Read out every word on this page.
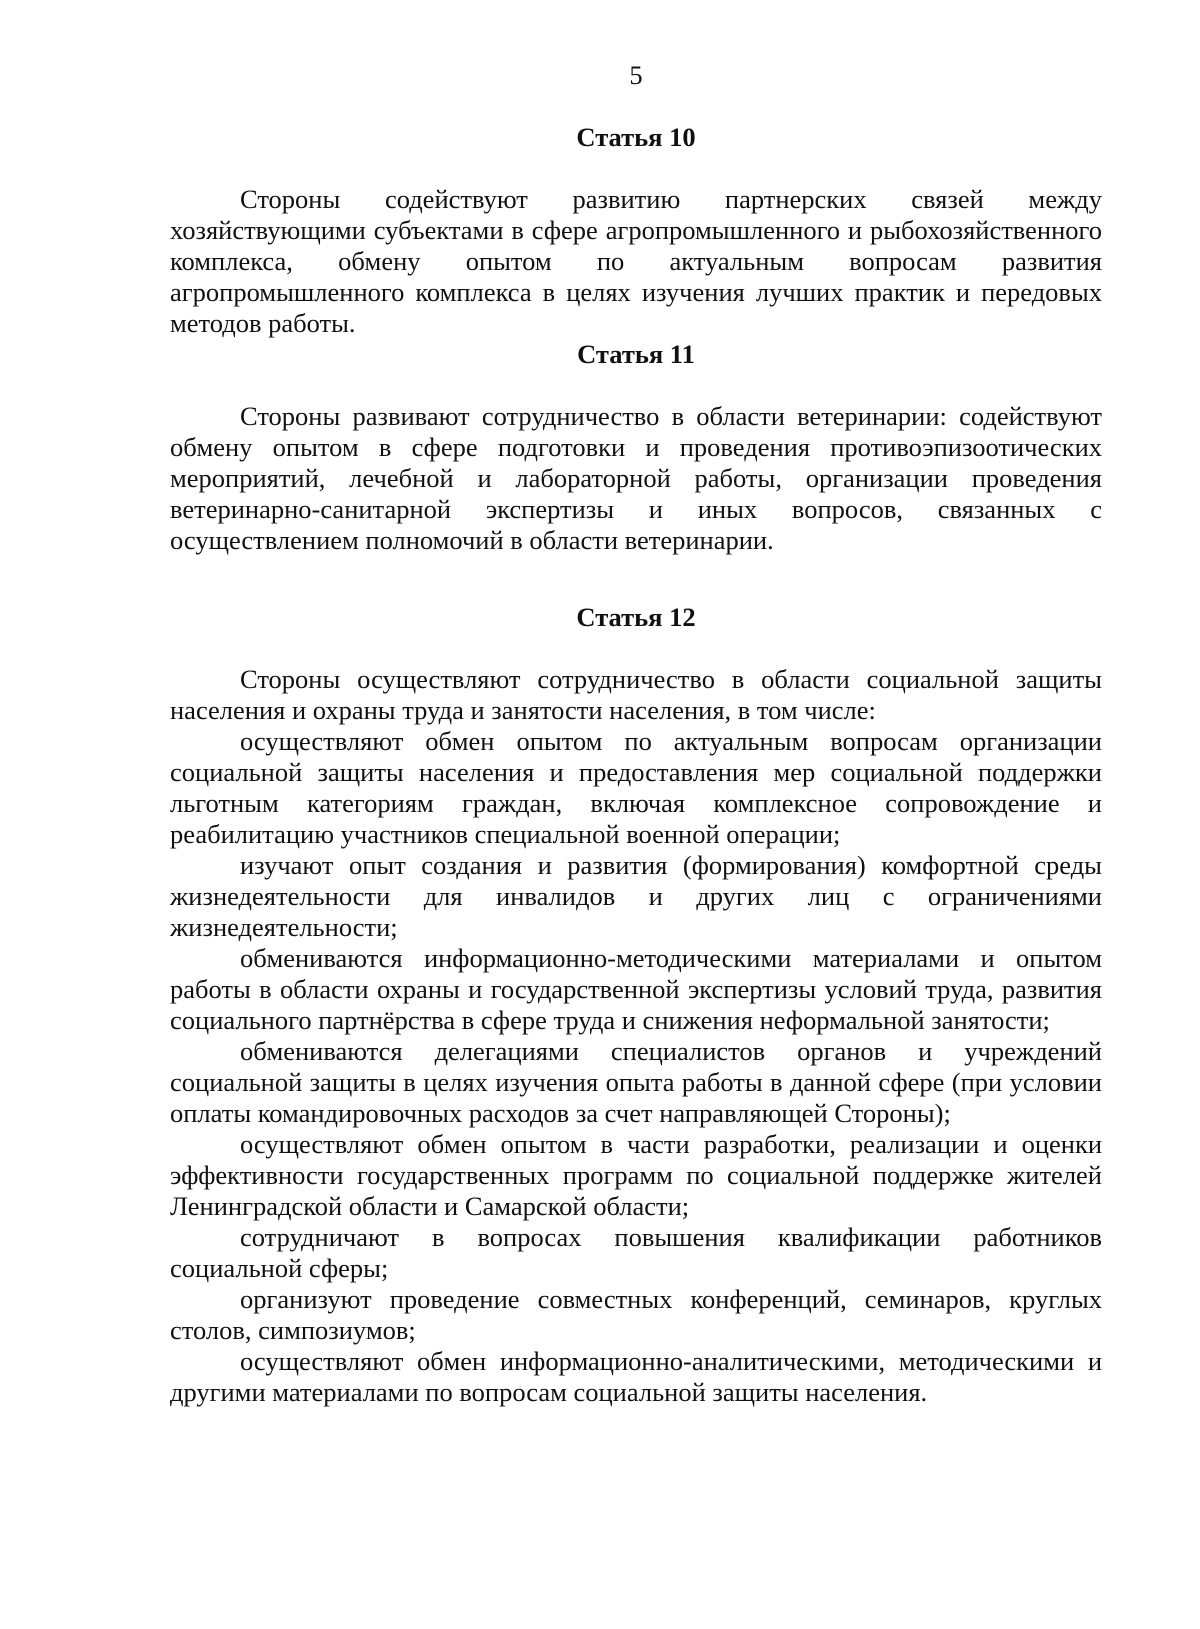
5
Статья 10

Стороны содействуют развитию партнерских связей между хозяйствующими субъектами в сфере агропромышленного и рыбохозяйственного комплекса, обмену опытом по актуальным вопросам развития агропромышленного комплекса в целях изучения лучших практик и передовых методов работы.

Статья 11

Стороны развивают сотрудничество в области ветеринарии: содействуют обмену опытом в сфере подготовки и проведения противоэпизоотических мероприятий, лечебной и лабораторной работы, организации проведения ветеринарно-санитарной экспертизы и иных вопросов, связанных с осуществлением полномочий в области ветеринарии.

Статья 12

Стороны осуществляют сотрудничество в области социальной защиты населения и охраны труда и занятости населения, в том числе:

осуществляют обмен опытом по актуальным вопросам организации социальной защиты населения и предоставления мер социальной поддержки льготным категориям граждан, включая комплексное сопровождение и реабилитацию участников специальной военной операции;

изучают опыт создания и развития (формирования) комфортной среды жизнедеятельности для инвалидов и других лиц с ограничениями жизнедеятельности;

обмениваются информационно-методическими материалами и опытом работы в области охраны и государственной экспертизы условий труда, развития социального партнёрства в сфере труда и снижения неформальной занятости;

обмениваются делегациями специалистов органов и учреждений социальной защиты в целях изучения опыта работы в данной сфере (при условии оплаты командировочных расходов за счет направляющей Стороны);

осуществляют обмен опытом в части разработки, реализации и оценки эффективности государственных программ по социальной поддержке жителей Ленинградской области и Самарской области;

сотрудничают в вопросах повышения квалификации работников социальной сферы;

организуют проведение совместных конференций, семинаров, круглых столов, симпозиумов;

осуществляют обмен информационно-аналитическими, методическими и другими материалами по вопросам социальной защиты населения.
